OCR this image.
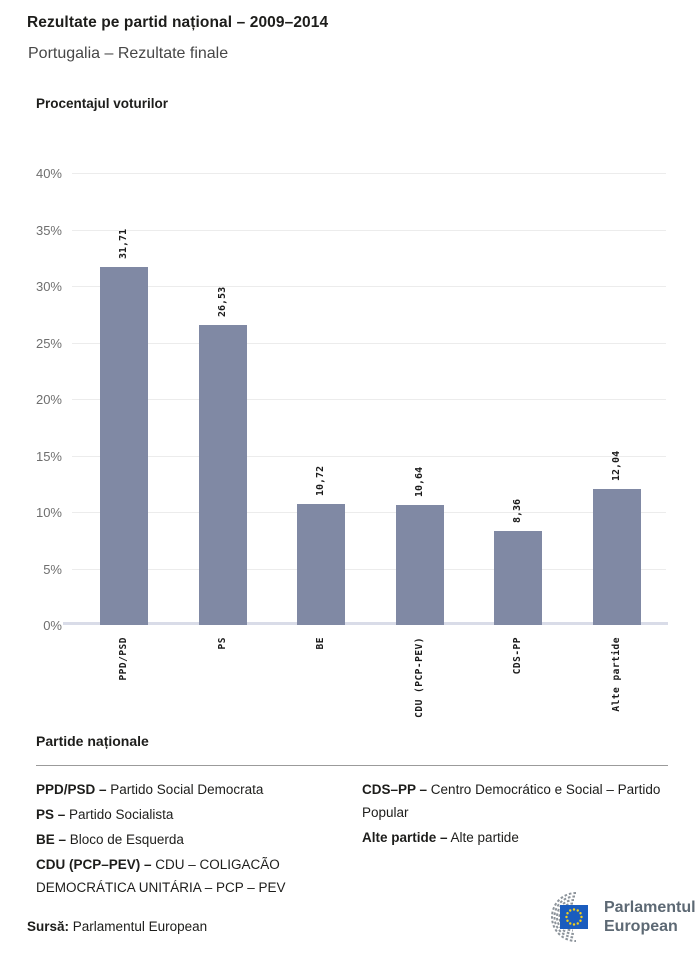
Rezultate pe partid național – 2009–2014
Portugalia – Rezultate finale
Procentajul voturilor
0%
5%
10%
15%
20%
25%
30%
35%
40%
31,71
PPD/PSD
26,53
PS
10,72
BE
10,64
CDU (PCP-PEV)
8,36
CDS-PP
12,04
Alte partide
Partide naționale
PPD/PSD – Partido Social Democrata
PS – Partido Socialista
BE – Bloco de Esquerda
CDU (PCP–PEV) – CDU – COLIGACÃO DEMOCRÁTICA UNITÁRIA – PCP – PEV
CDS–PP – Centro Democrático e Social – Partido Popular
Alte partide – Alte partide
Sursă: Parlamentul European
Parlamentul
European
